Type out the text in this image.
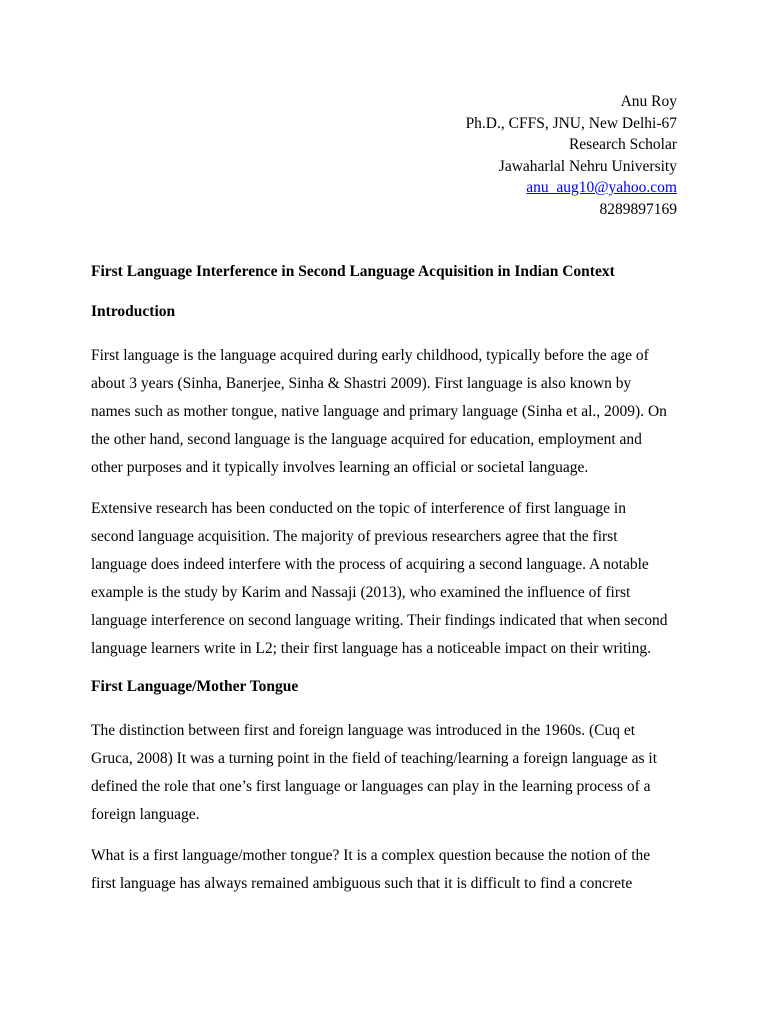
Anu Roy
Ph.D., CFFS, JNU, New Delhi-67
Research Scholar
Jawaharlal Nehru University
anu_aug10@yahoo.com
8289897169

First Language Interference in Second Language Acquisition in Indian Context

Introduction

First language is the language acquired during early childhood, typically before the age of
about 3 years (Sinha, Banerjee, Sinha & Shastri 2009). First language is also known by
names such as mother tongue, native language and primary language (Sinha et al., 2009). On
the other hand, second language is the language acquired for education, employment and
other purposes and it typically involves learning an official or societal language.

Extensive research has been conducted on the topic of interference of first language in
second language acquisition. The majority of previous researchers agree that the first
language does indeed interfere with the process of acquiring a second language. A notable
example is the study by Karim and Nassaji (2013), who examined the influence of first
language interference on second language writing. Their findings indicated that when second
language learners write in L2; their first language has a noticeable impact on their writing.

First Language/Mother Tongue

The distinction between first and foreign language was introduced in the 1960s. (Cuq et
Gruca, 2008) It was a turning point in the field of teaching/learning a foreign language as it
defined the role that one’s first language or languages can play in the learning process of a
foreign language.

What is a first language/mother tongue? It is a complex question because the notion of the
first language has always remained ambiguous such that it is difficult to find a concrete
